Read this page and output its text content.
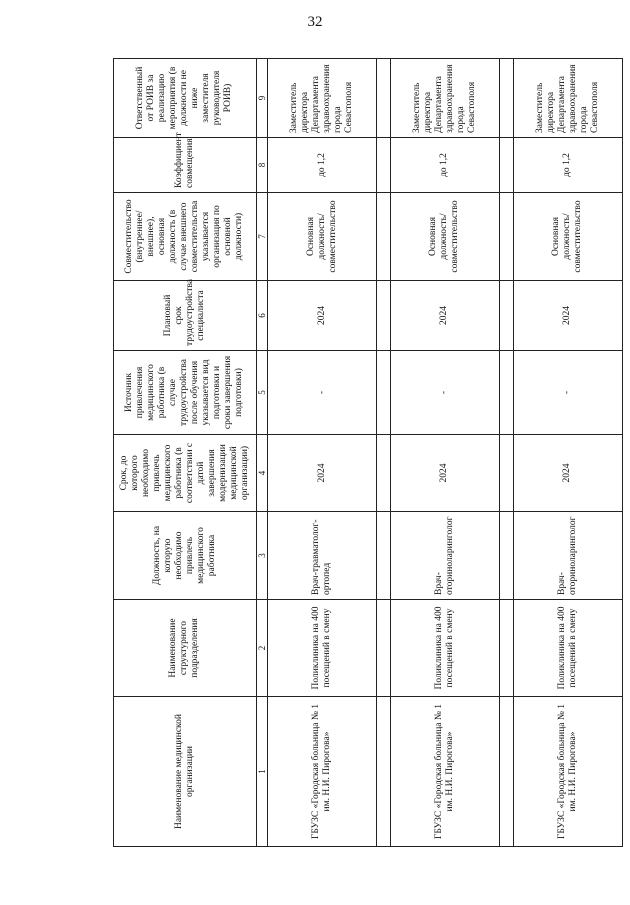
32
Наименование медицинской организации	Наименование структурного подразделения	Должность, на которую необходимо привлечь медицинского работника	Срок, до которого необходимо привлечь медицинского работника (в соответствии с датой завершения модернизации медицинской организации)	Источник привлечения медицинского работника (в случае трудоустройства после обучения указывается вид подготовки и сроки завершения подготовки)	Плановый срок трудоустройства специалиста	Совместительство (внутреннее/внешнее), основная должность (в случае внешнего совместительства указывается организация по основной должности)	Коэффициент совмещения	Ответственный от РОИВ за реализацию мероприятия (в должности не ниже заместителя руководителя РОИВ)
1	2	3	4	5	6	7	8	9
ГБУЗС «Городская больница № 1 им. Н.И. Пирогова»	Поликлиника на 400 посещений в смену	Врач-травматолог-ортопед	2024	-	2024	Основная должность/ совместительство	до 1,2	Заместитель директора Департамента здравоохранения города Севастополя

ГБУЗС «Городская больница № 1 им. Н.И. Пирогова»	Поликлиника на 400 посещений в смену	Врач-оториноларинголог	2024	-	2024	Основная должность/ совместительство	до 1,2	Заместитель директора Департамента здравоохранения города Севастополя

ГБУЗС «Городская больница № 1 им. Н.И. Пирогова»	Поликлиника на 400 посещений в смену	Врач-оториноларинголог	2024	-	2024	Основная должность/ совместительство	до 1,2	Заместитель директора Департамента здравоохранения города Севастополя
